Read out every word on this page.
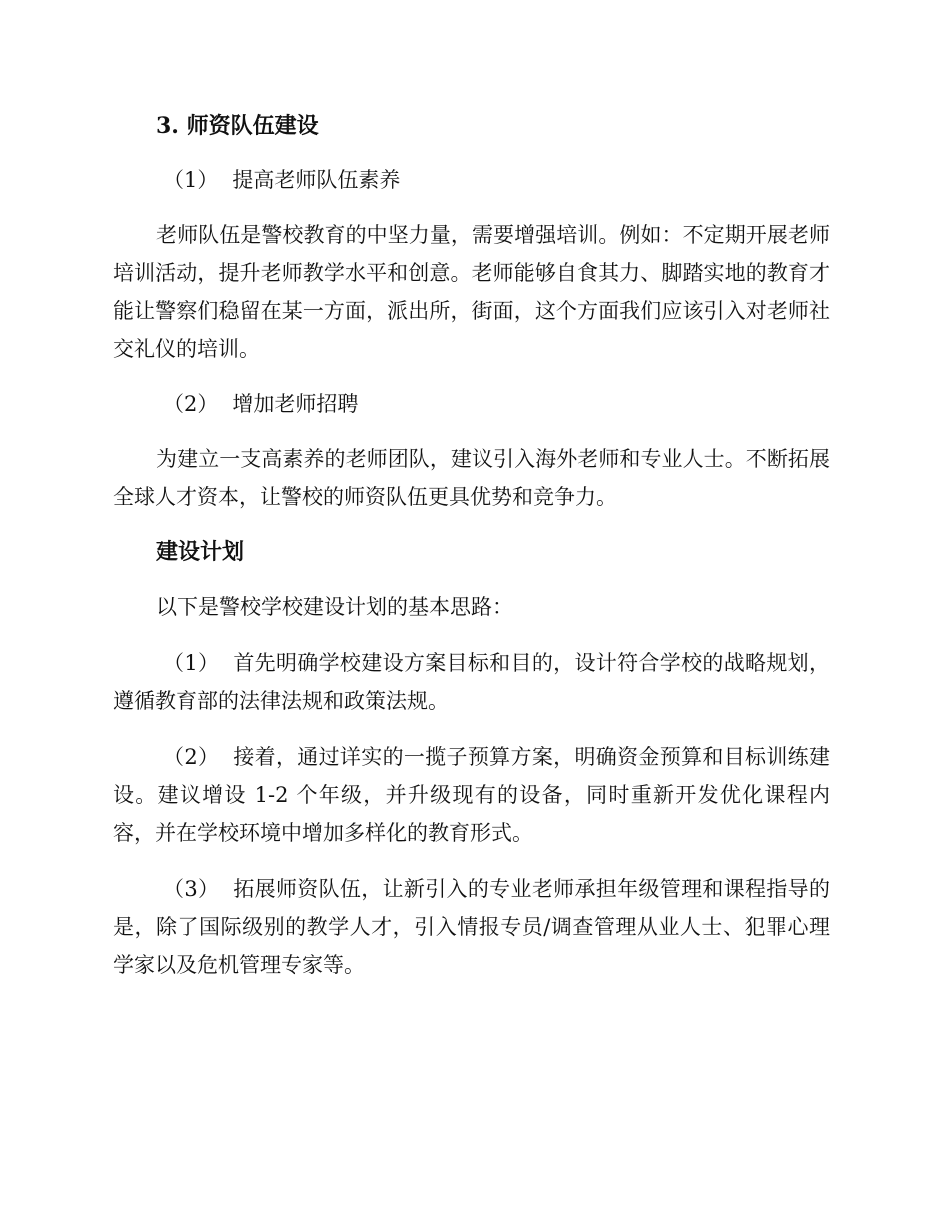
3. 师资队伍建设
（1） 提高老师队伍素养

老师队伍是警校教育的中坚力量，需要增强培训。例如：不定期开展老师培训活动，提升老师教学水平和创意。老师能够自食其力、脚踏实地的教育才能让警察们稳留在某一方面，派出所，街面，这个方面我们应该引入对老师社交礼仪的培训。

（2） 增加老师招聘

为建立一支高素养的老师团队，建议引入海外老师和专业人士。不断拓展全球人才资本，让警校的师资队伍更具优势和竞争力。

建设计划

以下是警校学校建设计划的基本思路：

（1） 首先明确学校建设方案目标和目的，设计符合学校的战略规划，遵循教育部的法律法规和政策法规。

（2） 接着，通过详实的一揽子预算方案，明确资金预算和目标训练建设。建议增设 1-2 个年级，并升级现有的设备，同时重新开发优化课程内容，并在学校环境中增加多样化的教育形式。

（3） 拓展师资队伍，让新引入的专业老师承担年级管理和课程指导的是，除了国际级别的教学人才，引入情报专员/调查管理从业人士、犯罪心理学家以及危机管理专家等。
